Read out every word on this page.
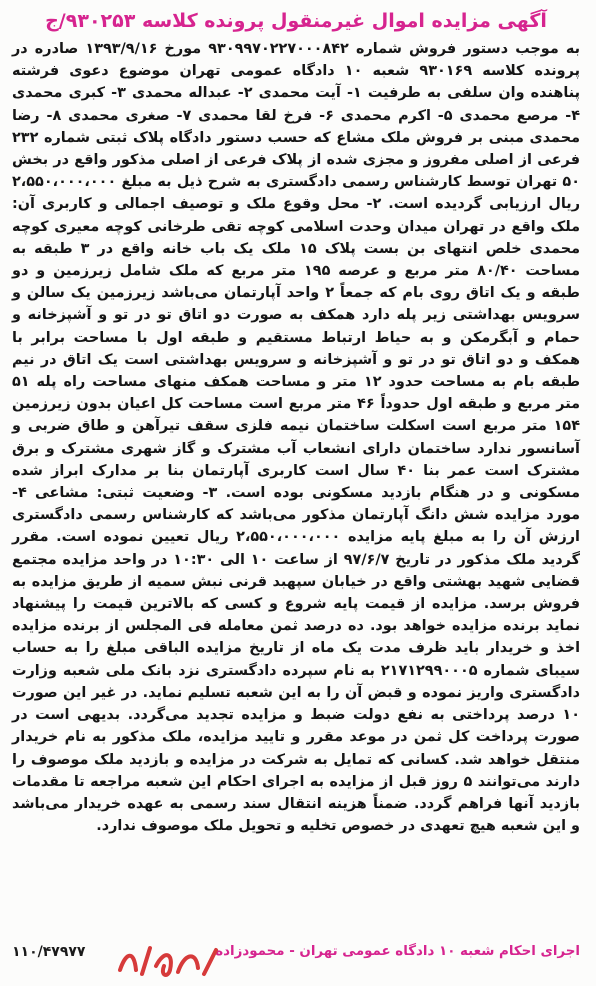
آگهی مزایده اموال غیرمنقول پرونده کلاسه ۹۳۰۲۵۳/ج

به موجب دستور فروش شماره ۹۳۰۹۹۷۰۲۲۷۰۰۰۸۴۲ مورخ ۱۳۹۳/۹/۱۶ صادره در پرونده کلاسه ۹۳۰۱۶۹ شعبه ۱۰ دادگاه عمومی تهران موضوع دعوی فرشته پناهنده وان سلفی به طرفیت ۱- آیت محمدی ۲- عبداله محمدی ۳- کبری محمدی ۴- مرصع محمدی ۵- اکرم محمدی ۶- فرخ لقا محمدی ۷- صغری محمدی ۸- رضا محمدی مبنی بر فروش ملک مشاع که حسب دستور دادگاه پلاک ثبتی شماره ۲۳۲ فرعی از اصلی مفروز و مجزی شده از پلاک فرعی از اصلی مذکور واقع در بخش ۵۰ تهران توسط کارشناس رسمی دادگستری به شرح ذیل به مبلغ ۲،۵۵۰،۰۰۰،۰۰۰ ریال ارزیابی گردیده است. ۲- محل وقوع ملک و توصیف اجمالی و کاربری آن: ملک واقع در تهران میدان وحدت اسلامی کوچه تقی طرخانی کوچه معیری کوچه محمدی خلص انتهای بن بست پلاک ۱۵ ملک یک باب خانه واقع در ۳ طبقه به مساحت ۸۰/۴۰ متر مربع و عرصه ۱۹۵ متر مربع که ملک شامل زیرزمین و دو طبقه و یک اتاق روی بام که جمعاً ۲ واحد آپارتمان می‌باشد زیرزمین یک سالن و سرویس بهداشتی زیر پله دارد همکف به صورت دو اتاق تو در تو و آشپزخانه و حمام و آبگرمکن و به حیاط ارتباط مستقیم و طبقه اول با مساحت برابر با همکف و دو اتاق تو در تو و آشپزخانه و سرویس بهداشتی است یک اتاق در نیم طبقه بام به مساحت حدود ۱۲ متر و مساحت همکف منهای مساحت راه پله ۵۱ متر مربع و طبقه اول حدوداً ۴۶ متر مربع است مساحت کل اعیان بدون زیرزمین ۱۵۴ متر مربع است اسکلت ساختمان نیمه فلزی سقف تیرآهن و طاق ضربی و آسانسور ندارد ساختمان دارای انشعاب آب مشترک و گاز شهری مشترک و برق مشترک است عمر بنا ۴۰ سال است کاربری آپارتمان بنا بر مدارک ابراز شده مسکونی و در هنگام بازدید مسکونی بوده است. ۳- وضعیت ثبتی: مشاعی ۴- مورد مزایده شش دانگ آپارتمان مذکور می‌باشد که کارشناس رسمی دادگستری ارزش آن را به مبلغ پایه مزایده ۲،۵۵۰،۰۰۰،۰۰۰ ریال تعیین نموده است. مقرر گردید ملک مذکور در تاریخ ۹۷/۶/۷ از ساعت ۱۰ الی ۱۰:۳۰ در واحد مزایده مجتمع قضایی شهید بهشتی واقع در خیابان سپهبد قرنی نبش سمیه از طریق مزایده به فروش برسد. مزایده از قیمت پایه شروع و کسی که بالاترین قیمت را پیشنهاد نماید برنده مزایده خواهد بود. ده درصد ثمن معامله فی المجلس از برنده مزایده اخذ و خریدار باید ظرف مدت یک ماه از تاریخ مزایده الباقی مبلغ را به حساب سیبای شماره ۲۱۷۱۲۹۹۰۰۰۵ به نام سپرده دادگستری نزد بانک ملی شعبه وزارت دادگستری واریز نموده و قبض آن را به این شعبه تسلیم نماید. در غیر این صورت ۱۰ درصد پرداختی به نفع دولت ضبط و مزایده تجدید می‌گردد. بدیهی است در صورت پرداخت کل ثمن در موعد مقرر و تایید مزایده، ملک مذکور به نام خریدار منتقل خواهد شد. کسانی که تمایل به شرکت در مزایده و بازدید ملک موصوف را دارند می‌توانند ۵ روز قبل از مزایده به اجرای احکام این شعبه مراجعه تا مقدمات بازدید آنها فراهم گردد. ضمناً هزینه انتقال سند رسمی به عهده خریدار می‌باشد و این شعبه هیچ تعهدی در خصوص تخلیه و تحویل ملک موصوف ندارد.

اجرای احکام شعبه ۱۰ دادگاه عمومی تهران - محمودزاده
۱۱۰/۴۷۹۷۷
